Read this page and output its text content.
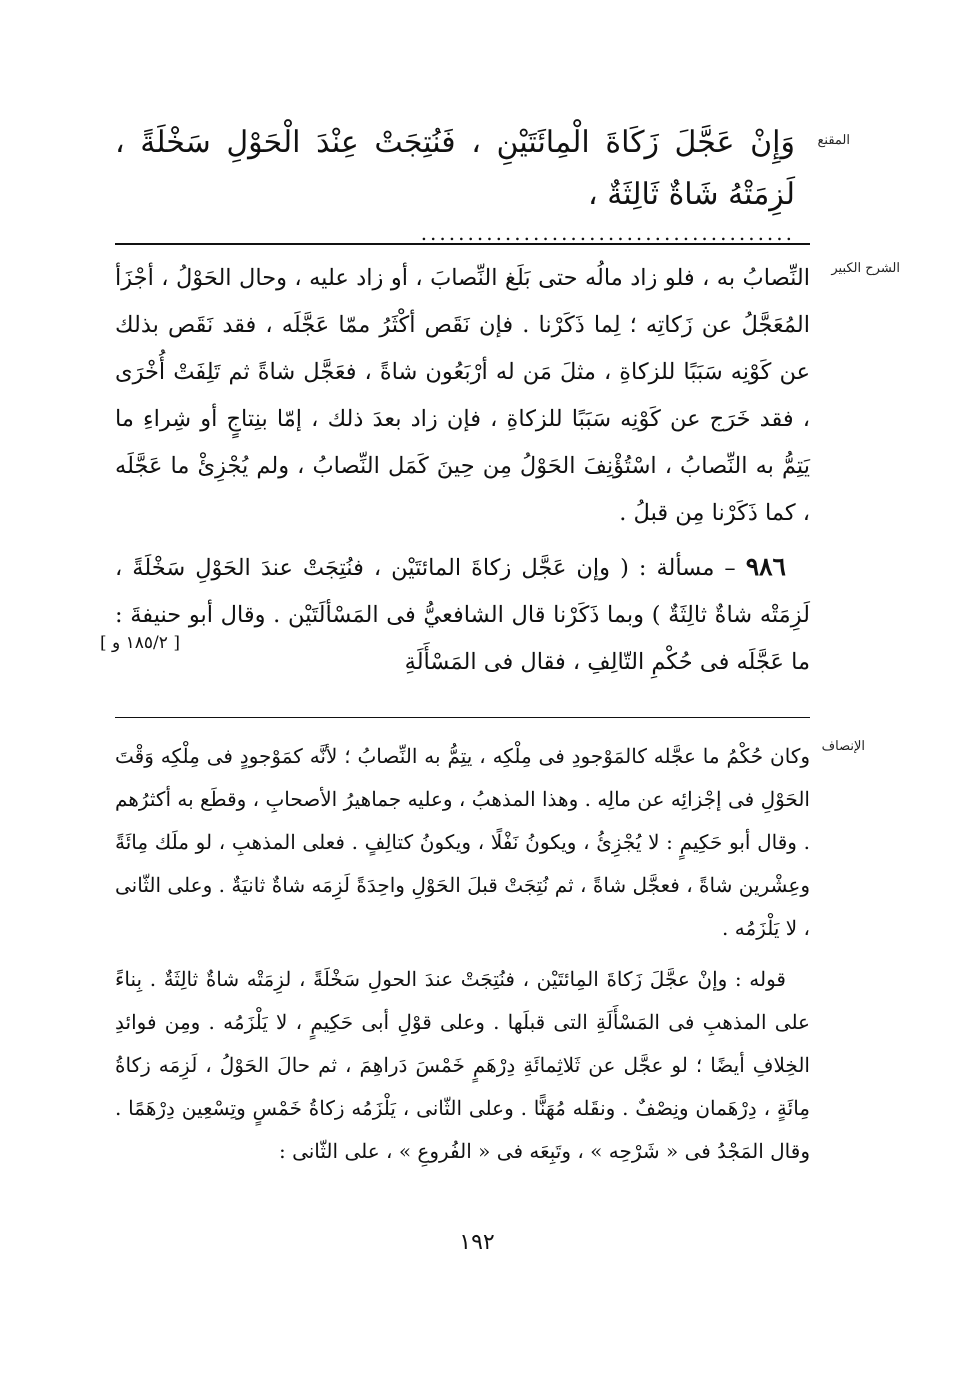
المقنع

وَإِنْ عَجَّلَ زَكَاةَ الْمِائَتَيْنِ ، فَنُتِجَتْ عِنْدَ الْحَوْلِ سَخْلَةً ، لَزِمَتْهُ شَاةٌ ثَالِثَةٌ ،

........................................
الشرح الكبير

النِّصابُ به ، فلو زاد مالُه حتى بَلَغ النِّصابَ ، أو زاد عليه ، وحال الحَوْلُ ، أجْزَأ المُعَجَّلُ عن زَكاتِه ؛ لِما ذَكَرْنا . فإن نَقَص أكْثَرُ ممّا عَجَّلَه ، فقد نَقَص بذلك عن كَوْنِه سَبَبًا للزكاةِ ، مثلَ مَن له أرْبَعُون شاةً ، فعَجَّل شاةً ثم تَلِفَتْ أُخْرَى ، فقد خَرَج عن كَوْنِه سَبَبًا للزكاةِ ، فإن زاد بعدَ ذلك ، إمّا بنِتاجٍ أو شِراءِ ما يَتِمُّ به النِّصابُ ، اسْتُؤْنِفَ الحَوْلُ مِن حِينَ كَمَل النِّصابُ ، ولم يُجْزِئْ ما عَجَّلَه ، كما ذَكَرْنا مِن قبلُ .

٩٨٦ – مسألة : ( وإن عَجَّل زكاةَ المائتَيْن ، فنُتِجَتْ عندَ الحَوْلِ سَخْلَةً ، لَزِمَتْه شاةٌ ثالِثَةٌ ) وبما ذَكَرْنا قال الشافعيُّ فى المَسْألَتَيْن . وقال أبو حنيفةَ : ما عَجَّلَه فى حُكْمِ التّالِفِ ، فقال فى المَسْأَلَةِ

[ ١٨٥/٢ و ]
الإنصاف

وكان حُكْمُ ما عجَّله كالمَوْجودِ فى مِلْكِه ، يتِمُّ به النِّصابُ ؛ لأنَّه كمَوْجودٍ فى مِلْكِه وَقْتَ الحَوْلِ فى إجْزائِه عن مالِه . وهذا المذهبُ ، وعليه جماهيرُ الأصحابِ ، وقطَع به أكثرُهم . وقال أبو حَكِيمٍ : لا يُجْزِئُ ، ويكونُ نَفْلًا ، ويكونُ كتالِفٍ . فعلى المذهبِ ، لو ملَك مِائَةً وعِشْرين شاةً ، فعجَّل شاةً ، ثم نُتِجَتْ قبلَ الحَوْلِ واحِدَةً لَزِمَه شاةٌ ثانيَةٌ . وعلى الثّانى ، لا يَلْزَمُه .

قوله : وإنْ عجَّلَ زَكاةَ المِائتَيْن ، فنُتِجَتْ عندَ الحولِ سَخْلَةً ، لزِمَتْه شاةٌ ثالِثَةٌ . بِناءً على المذهبِ فى المَسْأَلَةِ التى قبلَها . وعلى قوْلِ أبى حَكِيمٍ ، لا يَلْزَمُه . ومِن فوائدِ الخِلافِ أيضًا ؛ لو عجَّل عن ثَلاثِمائَةِ دِرْهَمٍ خَمْسَ دَراهِمَ ، ثم حالَ الحَوْلُ ، لَزِمَه زكاةُ مِائَةٍ ، دِرْهَمان ونِصْفٌ . ونقَله مُهَنًّا . وعلى الثّانى ، يَلْزَمُه زكاةُ خَمْسٍ وتِسْعِين دِرْهَمًا . وقال المَجْدُ فى « شَرْحِه » ، وتَبِعَه فى « الفُروعِ » ، على الثّانى :

١٩٢
